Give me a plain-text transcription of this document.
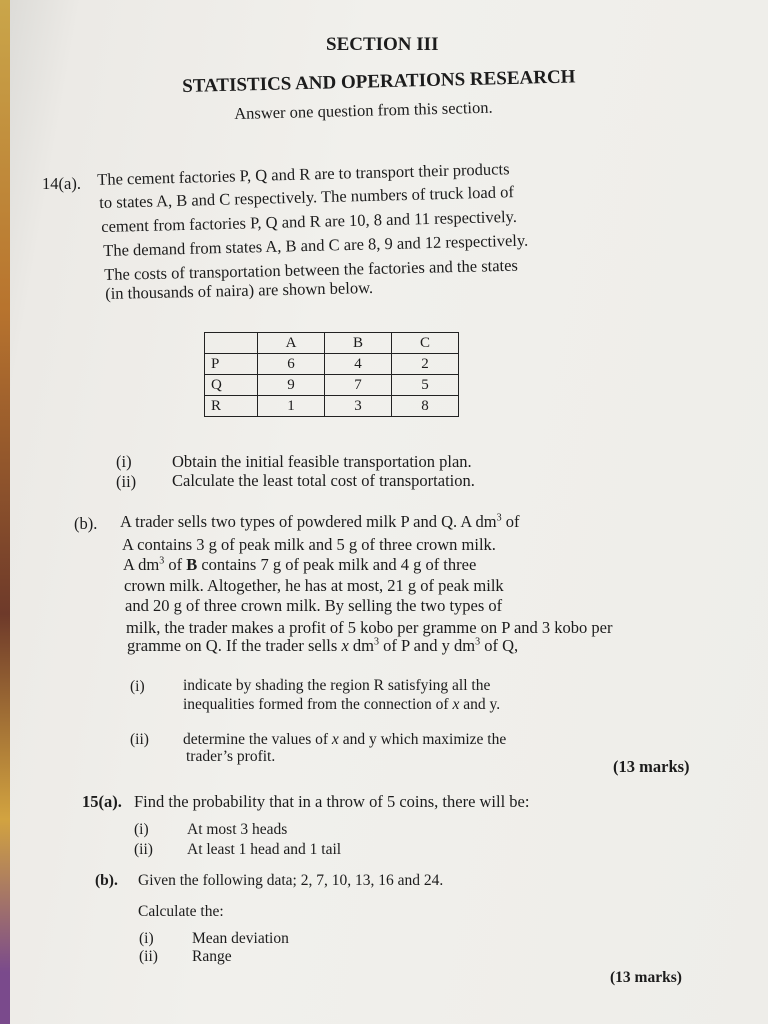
SECTION III
STATISTICS AND OPERATIONS RESEARCH
Answer one question from this section.
14(a). The cement factories P, Q and R are to transport their products
to states A, B and C respectively. The numbers of truck load of
cement from factories P, Q and R are 10, 8 and 11 respectively.
The demand from states A, B and C are 8, 9 and 12 respectively.
The costs of transportation between the factories and the states
(in thousands of naira) are shown below.
	A	B	C
P	6	4	2
Q	9	7	5
R	1	3	8
(i) Obtain the initial feasible transportation plan.
(ii) Calculate the least total cost of transportation.
(b). A trader sells two types of powdered milk P and Q. A $dm^3$ of
A contains 3 g of peak milk and 5 g of three crown milk.
A $dm^3$ of B contains 7 g of peak milk and 4 g of three
crown milk. Altogether, he has at most, 21 g of peak milk
and 20 g of three crown milk. By selling the two types of
milk, the trader makes a profit of 5 kobo per gramme on P and 3 kobo per
gramme on Q. If the trader sells x $dm^3$ of P and y $dm^3$ of Q,
(i) indicate by shading the region R satisfying all the
inequalities formed from the connection of x and y.
(ii) determine the values of x and y which maximize the
trader’s profit.
(13 marks)
15(a). Find the probability that in a throw of 5 coins, there will be:
(i) At most 3 heads
(ii) At least 1 head and 1 tail
(b). Given the following data; 2, 7, 10, 13, 16 and 24.
Calculate the:
(i) Mean deviation
(ii) Range
(13 marks)
